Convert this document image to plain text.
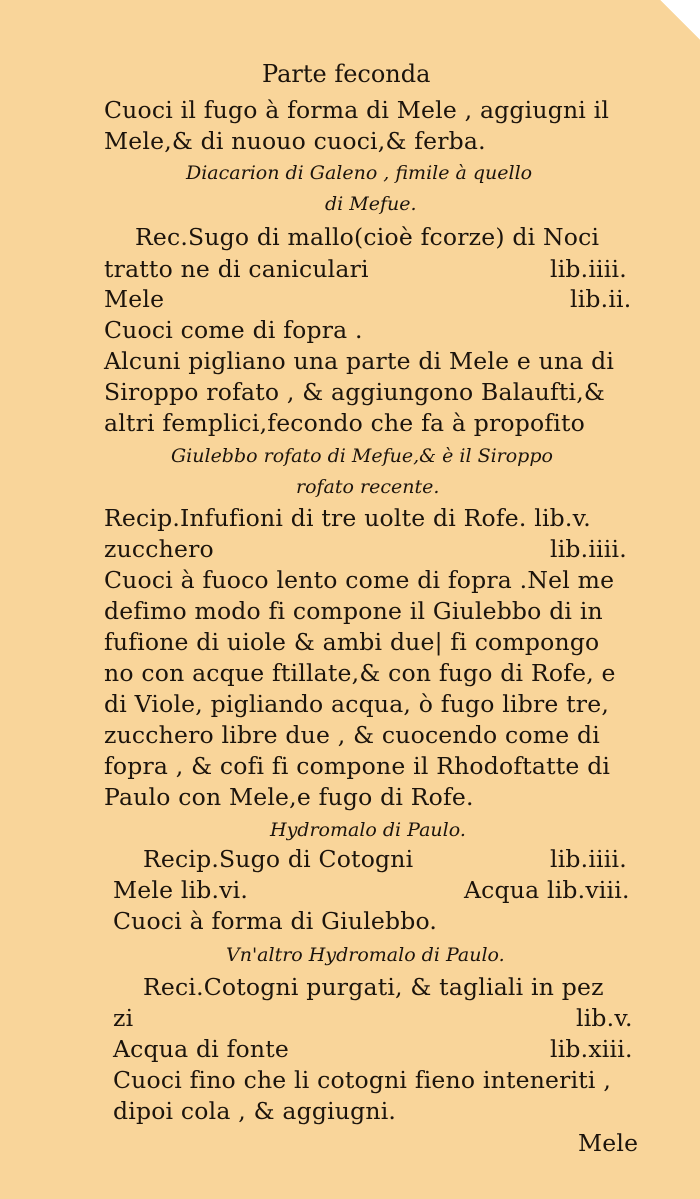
Parte feconda
Cuoci il fugo à forma di Mele , aggiugni il
Mele,& di nuouo cuoci,& ferba.
Diacarion di Galeno , fimile à quello
di Mefue.
Rec.Sugo di mallo(cioè fcorze) di Noci
tratto ne di caniculari	lib.iiii.
Mele	lib.ii.
Cuoci come di fopra .
Alcuni pigliano una parte di Mele e una di
Siroppo rofato , & aggiungono Balaufti,&
altri femplici,fecondo che fa à propofito
Giulebbo rofato di Mefue,& è il Siroppo
rofato recente.
Recip.Infufioni di tre uolte di Rofe. lib.v.
zucchero	lib.iiii.
Cuoci à fuoco lento come di fopra .Nel me
defimo modo fi compone il Giulebbo di in
fufione di uiole & ambi due| fi compongo
no con acque ftillate,& con fugo di Rofe, e
di Viole, pigliando acqua, ò fugo libre tre,
zucchero libre due , & cuocendo come di
fopra , & cofi fi compone il Rhodoftatte di
Paulo con Mele,e fugo di Rofe.
Hydromalo di Paulo.
Recip.Sugo di Cotogni	lib.iiii.
Mele lib.vi.	Acqua lib.viii.
Cuoci à forma di Giulebbo.
Vn'altro Hydromalo di Paulo.
Reci.Cotogni purgati, & tagliali in pez
zi	lib.v.
Acqua di fonte	lib.xiii.
Cuoci fino che li cotogni fieno inteneriti ,
dipoi cola , & aggiugni.
Mele
